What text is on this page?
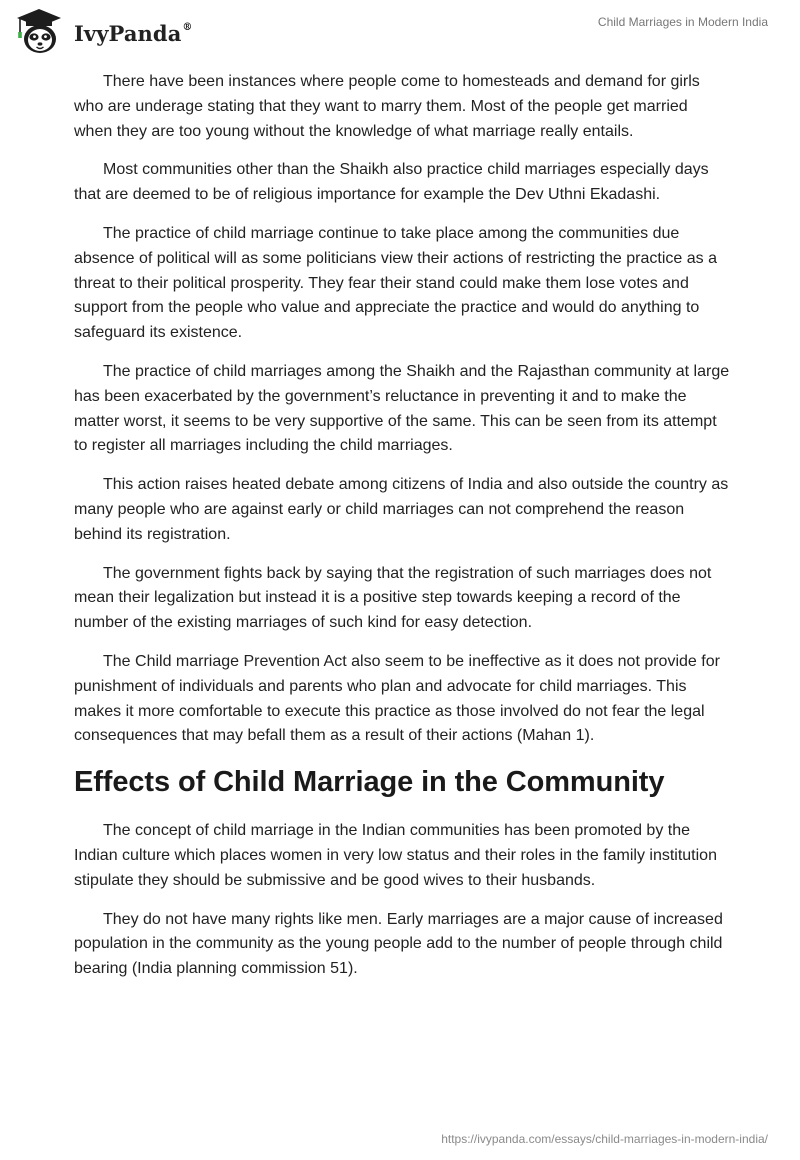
IvyPanda®	Child Marriages in Modern India

There have been instances where people come to homesteads and demand for girls who are underage stating that they want to marry them. Most of the people get married when they are too young without the knowledge of what marriage really entails.

Most communities other than the Shaikh also practice child marriages especially days that are deemed to be of religious importance for example the Dev Uthni Ekadashi.

The practice of child marriage continue to take place among the communities due absence of political will as some politicians view their actions of restricting the practice as a threat to their political prosperity. They fear their stand could make them lose votes and support from the people who value and appreciate the practice and would do anything to safeguard its existence.

The practice of child marriages among the Shaikh and the Rajasthan community at large has been exacerbated by the government’s reluctance in preventing it and to make the matter worst, it seems to be very supportive of the same. This can be seen from its attempt to register all marriages including the child marriages.

This action raises heated debate among citizens of India and also outside the country as many people who are against early or child marriages can not comprehend the reason behind its registration.

The government fights back by saying that the registration of such marriages does not mean their legalization but instead it is a positive step towards keeping a record of the number of the existing marriages of such kind for easy detection.

The Child marriage Prevention Act also seem to be ineffective as it does not provide for punishment of individuals and parents who plan and advocate for child marriages. This makes it more comfortable to execute this practice as those involved do not fear the legal consequences that may befall them as a result of their actions (Mahan 1).

Effects of Child Marriage in the Community

The concept of child marriage in the Indian communities has been promoted by the Indian culture which places women in very low status and their roles in the family institution stipulate they should be submissive and be good wives to their husbands.

They do not have many rights like men. Early marriages are a major cause of increased population in the community as the young people add to the number of people through child bearing (India planning commission 51).

https://ivypanda.com/essays/child-marriages-in-modern-india/
